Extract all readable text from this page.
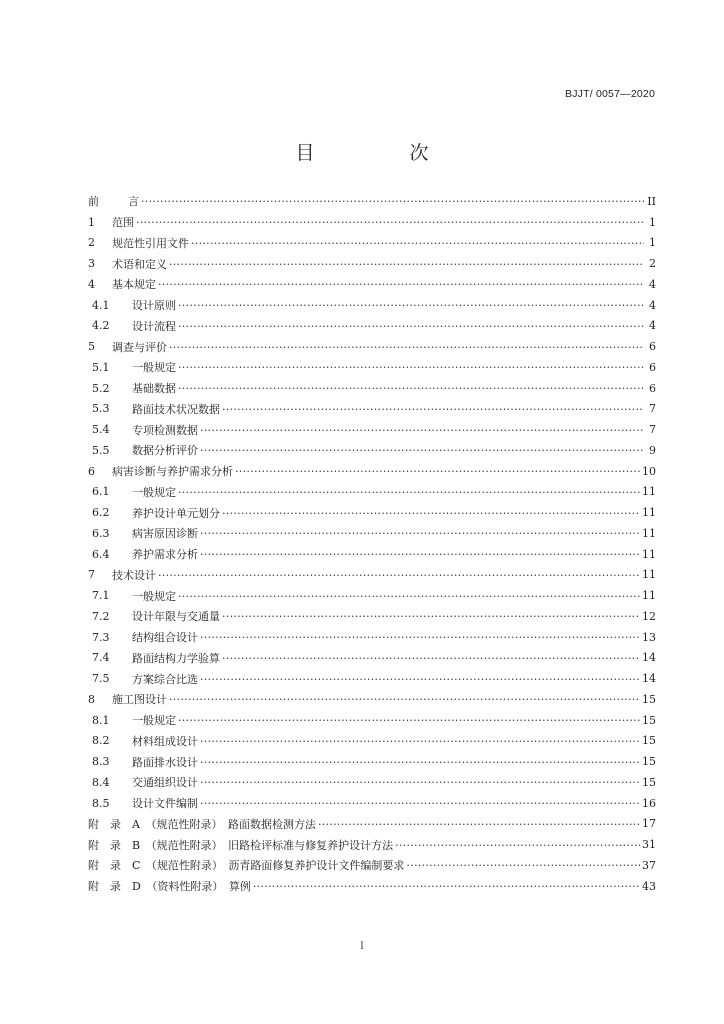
BJJT/ 0057—2020
目　次
前	言 . . .	II
1	范围 . . .	1
2	规范性引用文件 . . .	1
3	术语和定义 . . .	2
4	基本规定 . . .	4
4.1	设计原则 . . .	4
4.2	设计流程 . . .	4
5	调查与评价 . . .	6
5.1	一般规定 . . .	6
5.2	基础数据 . . .	6
5.3	路面技术状况数据 . . .	7
5.4	专项检测数据 . . .	7
5.5	数据分析评价 . . .	9
6	病害诊断与养护需求分析 . . .	10
6.1	一般规定 . . .	11
6.2	养护设计单元划分 . . .	11
6.3	病害原因诊断 . . .	11
6.4	养护需求分析 . . .	11
7	技术设计 . . .	11
7.1	一般规定 . . .	11
7.2	设计年限与交通量 . . .	12
7.3	结构组合设计 . . .	13
7.4	路面结构力学验算 . . .	14
7.5	方案综合比选 . . .	14
8	施工图设计 . . .	15
8.1	一般规定 . . .	15
8.2	材料组成设计 . . .	15
8.3	路面排水设计 . . .	15
8.4	交通组织设计 . . .	15
8.5	设计文件编制 . . .	16
附　录　A　（规范性附录）　路面数据检测方法 . . .	17
附　录　B　（规范性附录）　旧路检评标准与修复养护设计方法 . . .	31
附　录　C　（规范性附录）　沥青路面修复养护设计文件编制要求 . . .	37
附　录　D　（资料性附录）　算例 . . .	43
I
